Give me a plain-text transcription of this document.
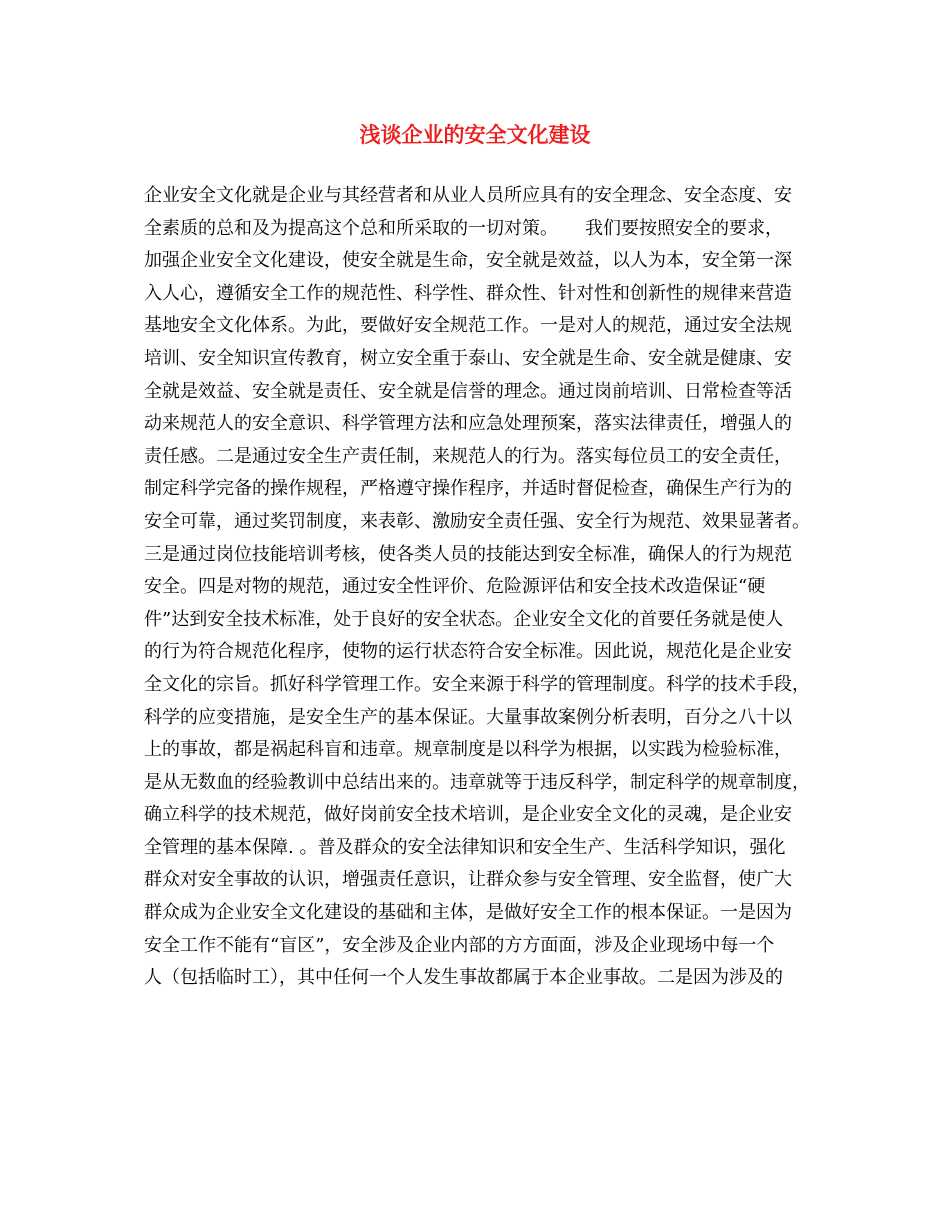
浅谈企业的安全文化建设
企业安全文化就是企业与其经营者和从业人员所应具有的安全理念、安全态度、安
全素质的总和及为提高这个总和所采取的一切对策。　　我们要按照安全的要求，
加强企业安全文化建设，使安全就是生命，安全就是效益，以人为本，安全第一深
入人心，遵循安全工作的规范性、科学性、群众性、针对性和创新性的规律来营造
基地安全文化体系。为此，要做好安全规范工作。一是对人的规范，通过安全法规
培训、安全知识宣传教育，树立安全重于泰山、安全就是生命、安全就是健康、安
全就是效益、安全就是责任、安全就是信誉的理念。通过岗前培训、日常检查等活
动来规范人的安全意识、科学管理方法和应急处理预案，落实法律责任，增强人的
责任感。二是通过安全生产责任制，来规范人的行为。落实每位员工的安全责任，
制定科学完备的操作规程，严格遵守操作程序，并适时督促检查，确保生产行为的
安全可靠，通过奖罚制度，来表彰、激励安全责任强、安全行为规范、效果显著者。
三是通过岗位技能培训考核，使各类人员的技能达到安全标准，确保人的行为规范
安全。四是对物的规范，通过安全性评价、危险源评估和安全技术改造保证“硬
件”达到安全技术标准，处于良好的安全状态。企业安全文化的首要任务就是使人
的行为符合规范化程序，使物的运行状态符合安全标准。因此说，规范化是企业安
全文化的宗旨。抓好科学管理工作。安全来源于科学的管理制度。科学的技术手段，
科学的应变措施，是安全生产的基本保证。大量事故案例分析表明，百分之八十以
上的事故，都是祸起科盲和违章。规章制度是以科学为根据，以实践为检验标准，
是从无数血的经验教训中总结出来的。违章就等于违反科学，制定科学的规章制度，
确立科学的技术规范，做好岗前安全技术培训，是企业安全文化的灵魂，是企业安
全管理的基本保障. 。普及群众的安全法律知识和安全生产、生活科学知识，强化
群众对安全事故的认识，增强责任意识，让群众参与安全管理、安全监督，使广大
群众成为企业安全文化建设的基础和主体，是做好安全工作的根本保证。一是因为
安全工作不能有“盲区”，安全涉及企业内部的方方面面，涉及企业现场中每一个
人（包括临时工），其中任何一个人发生事故都属于本企业事故。二是因为涉及的
